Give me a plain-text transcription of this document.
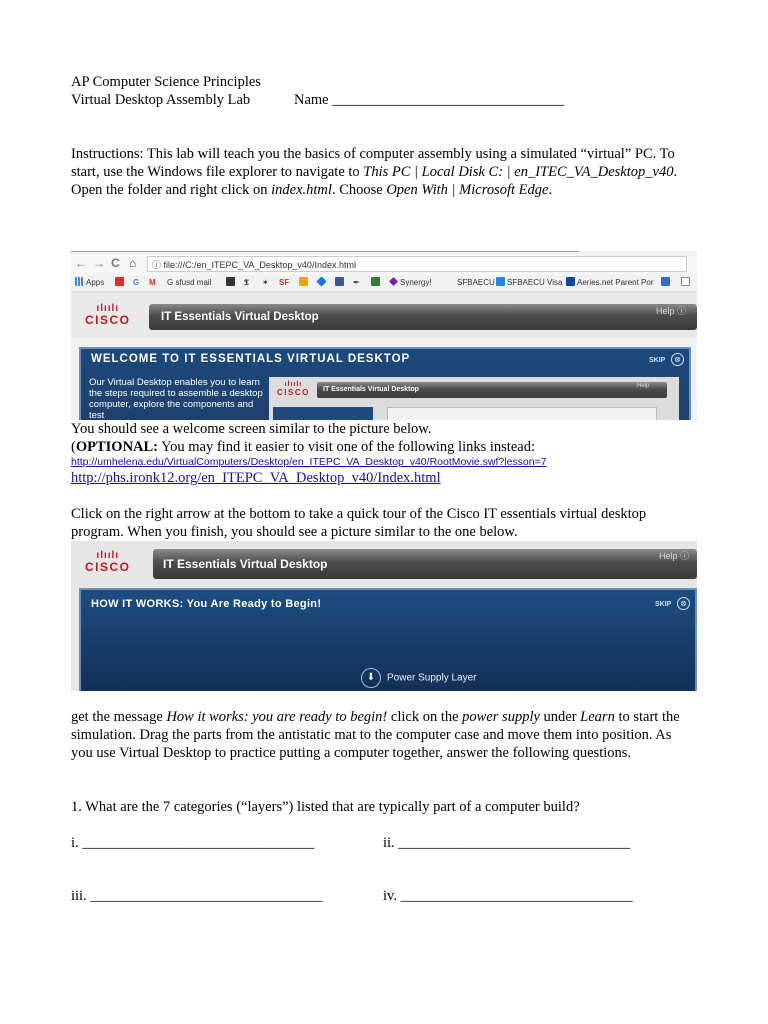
AP Computer Science Principles
Virtual Desktop Assembly Lab	Name ________________________________
Instructions: This lab will teach you the basics of computer assembly using a simulated “virtual” PC. To start, use the Windows file explorer to navigate to This PC | Local Disk C: | en_ITEC_VA_Desktop_v40. Open the folder and right click on index.html. Choose Open With | Microsoft Edge.
← → C ⌂	ⓘ file:///C:/en_ITEPC_VA_Desktop_v40/Index.html
Apps	G M G sfusd mail	𝕿 ✶ SF	✒	Synergy!	SFBAECU	SFBAECU Visa	Aeries.net Parent Por
ılıılı
CISCO	IT Essentials Virtual Desktop	Help ⓘ
WELCOME TO IT ESSENTIALS VIRTUAL DESKTOP	SKIP	⊗
Our Virtual Desktop enables you to learn the steps required to assemble a desktop computer, explore the components and test
ılıılı
CISCO	IT Essentials Virtual Desktop	Help
You should see a welcome screen similar to the picture below.
(OPTIONAL: You may find it easier to visit one of the following links instead:
http://umhelena.edu/VirtualComputers/Desktop/en_ITEPC_VA_Desktop_v40/RootMovie.swf?lesson=7
http://phs.ironk12.org/en_ITEPC_VA_Desktop_v40/Index.html
Click on the right arrow at the bottom to take a quick tour of the Cisco IT essentials virtual desktop program. When you finish, you should see a picture similar to the one below.
ılıılı
CISCO	IT Essentials Virtual Desktop
Help ⓘ
HOW IT WORKS: You Are Ready to Begin!	SKIP	⊗
⬇ Power Supply Layer
get the message How it works: you are ready to begin! click on the power supply under Learn to start the simulation. Drag the parts from the antistatic mat to the computer case and move them into position. As you use Virtual Desktop to practice putting a computer together, answer the following questions.
1. What are the 7 categories (“layers”) listed that are typically part of a computer build?
i. ________________________________	ii. ________________________________
iii. ________________________________	iv. ________________________________
